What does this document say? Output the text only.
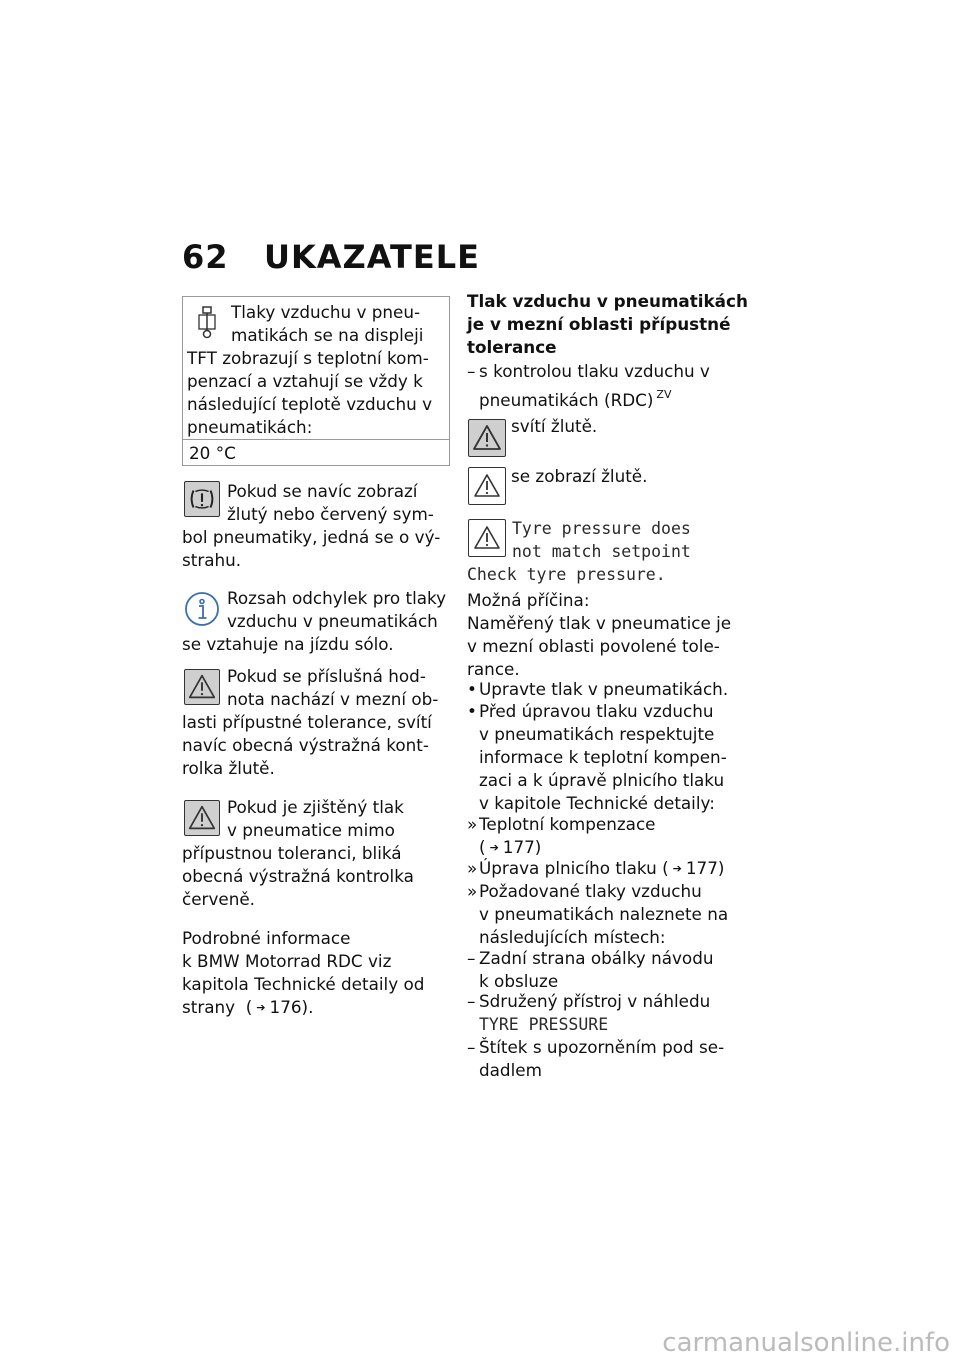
62 UKAZATELE

Tlaky vzduchu v pneu-

matikách se na displeji

TFT zobrazují s teplotní kom-

penzací a vztahují se vždy k

následující teplotě vzduchu v

pneumatikách:

20 °C

Pokud se navíc zobrazí

žlutý nebo červený sym-

bol pneumatiky, jedná se o vý-

strahu.

Rozsah odchylek pro tlaky

vzduchu v pneumatikách

se vztahuje na jízdu sólo.

Pokud se příslušná hod-

nota nachází v mezní ob-

lasti přípustné tolerance, svítí

navíc obecná výstražná kont-

rolka žlutě.

Pokud je zjištěný tlak

v pneumatice mimo

přípustnou toleranci, bliká

obecná výstražná kontrolka

červeně.

Podrobné informace

k BMW Motorrad RDC viz

kapitola Technické detaily od

strany  ( ➔ 176).

Tlak vzduchu v pneumatikách

je v mezní oblasti přípustné

tolerance

– s kontrolou tlaku vzduchu v
pneumatikách (RDC) $^{ZV}$
svítí žlutě.
se zobrazí žlutě.
Tyre pressure does
not match setpoint
Check tyre pressure.

Možná příčina:

Naměřený tlak v pneumatice je

v mezní oblasti povolené tole-

rance.

• Upravte tlak v pneumatikách.
• Před úpravou tlaku vzduchu
v pneumatikách respektujte
informace k teplotní kompen-
zaci a k úpravě plnicího tlaku
v kapitole Technické detaily:
» Teplotní kompenzace
( ➔ 177)
» Úprava plnicího tlaku ( ➔ 177)
» Požadované tlaky vzduchu
v pneumatikách naleznete na
následujících místech:
– Zadní strana obálky návodu
k obsluze
– Sdružený přístroj v náhledu
TYRE PRESSURE
– Štítek s upozorněním pod se-
dadlem
carmanualsonline.info
